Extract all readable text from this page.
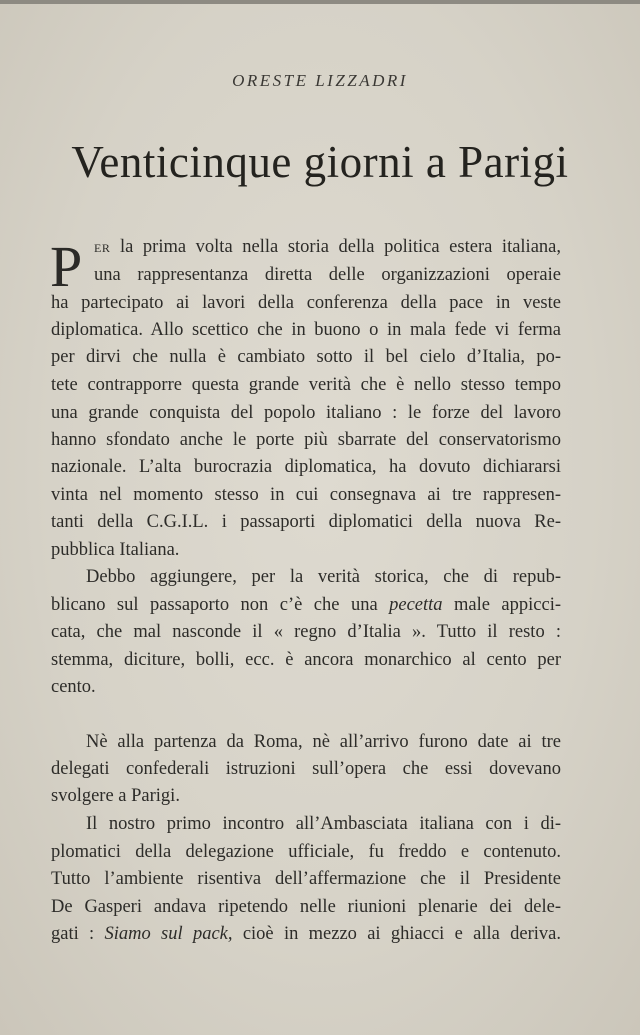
ORESTE LIZZADRI
Venticinque giorni a Parigi
P ER la prima volta nella storia della politica estera italiana,
una rappresentanza diretta delle organizzazioni operaie
ha partecipato ai lavori della conferenza della pace in veste
diplomatica. Allo scettico che in buono o in mala fede vi ferma
per dirvi che nulla è cambiato sotto il bel cielo d’Italia, po-
tete contrapporre questa grande verità che è nello stesso tempo
una grande conquista del popolo italiano : le forze del lavoro
hanno sfondato anche le porte più sbarrate del conservatorismo
nazionale. L’alta burocrazia diplomatica, ha dovuto dichiararsi
vinta nel momento stesso in cui consegnava ai tre rappresen-
tanti della C.G.I.L. i passaporti diplomatici della nuova Re-
pubblica Italiana.
Debbo aggiungere, per la verità storica, che di repub-
blicano sul passaporto non c’è che una pecetta male appicci-
cata, che mal nasconde il « regno d’Italia ». Tutto il resto :
stemma, diciture, bolli, ecc. è ancora monarchico al cento per
cento.
Nè alla partenza da Roma, nè all’arrivo furono date ai tre
delegati confederali istruzioni sull’opera che essi dovevano
svolgere a Parigi.
Il nostro primo incontro all’Ambasciata italiana con i di-
plomatici della delegazione ufficiale, fu freddo e contenuto.
Tutto l’ambiente risentiva dell’affermazione che il Presidente
De Gasperi andava ripetendo nelle riunioni plenarie dei dele-
gati : Siamo sul pack, cioè in mezzo ai ghiacci e alla deriva.
